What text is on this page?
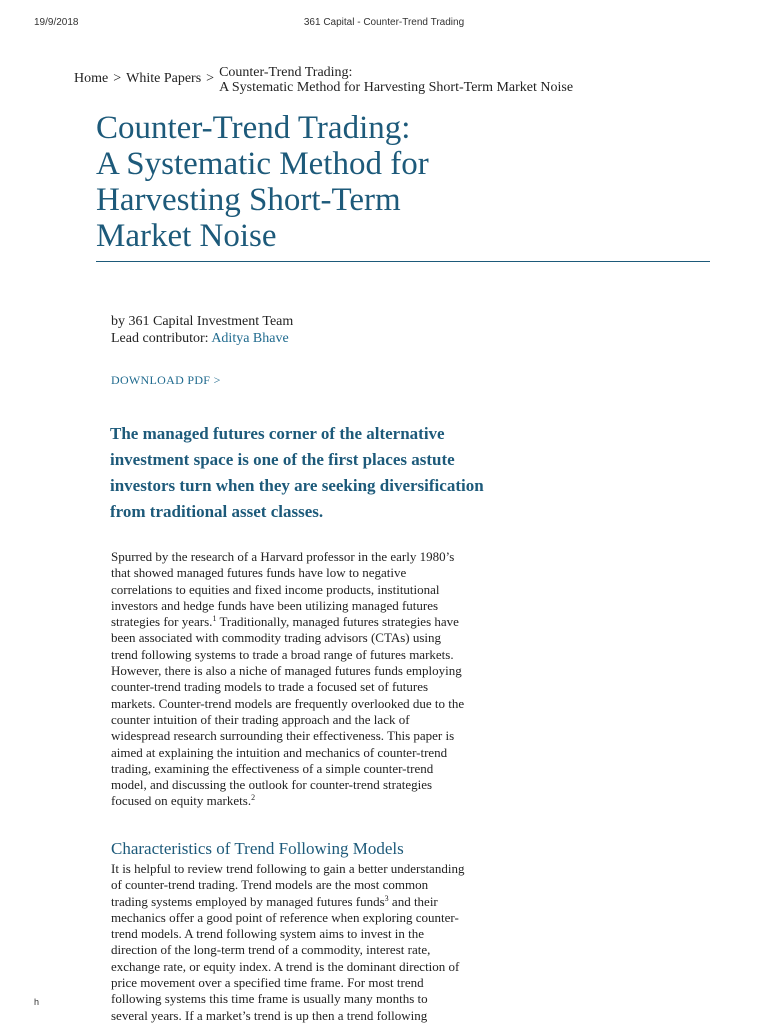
19/9/2018	361 Capital - Counter-Trend Trading
Home > White Papers > Counter-Trend Trading:
A Systematic Method for Harvesting Short-Term Market Noise
Counter-Trend Trading:
A Systematic Method for
Harvesting Short-Term
Market Noise
by 361 Capital Investment Team
Lead contributor: Aditya Bhave
DOWNLOAD PDF >

The managed futures corner of the alternative
investment space is one of the first places astute
investors turn when they are seeking diversification
from traditional asset classes.

Spurred by the research of a Harvard professor in the early 1980’s
that showed managed futures funds have low to negative
correlations to equities and fixed income products, institutional
investors and hedge funds have been utilizing managed futures
strategies for years.$^1$ Traditionally, managed futures strategies have
been associated with commodity trading advisors (CTAs) using
trend following systems to trade a broad range of futures markets.
However, there is also a niche of managed futures funds employing
counter-trend trading models to trade a focused set of futures
markets. Counter-trend models are frequently overlooked due to the
counter intuition of their trading approach and the lack of
widespread research surrounding their effectiveness. This paper is
aimed at explaining the intuition and mechanics of counter-trend
trading, examining the effectiveness of a simple counter-trend
model, and discussing the outlook for counter-trend strategies
focused on equity markets.$^2$

Characteristics of Trend Following Models

It is helpful to review trend following to gain a better understanding
of counter-trend trading. Trend models are the most common
trading systems employed by managed futures funds$^3$ and their
mechanics offer a good point of reference when exploring counter-
trend models. A trend following system aims to invest in the
direction of the long-term trend of a commodity, interest rate,
exchange rate, or equity index. A trend is the dominant direction of
price movement over a specified time frame. For most trend
following systems this time frame is usually many months to
several years. If a market’s trend is up then a trend following

h
